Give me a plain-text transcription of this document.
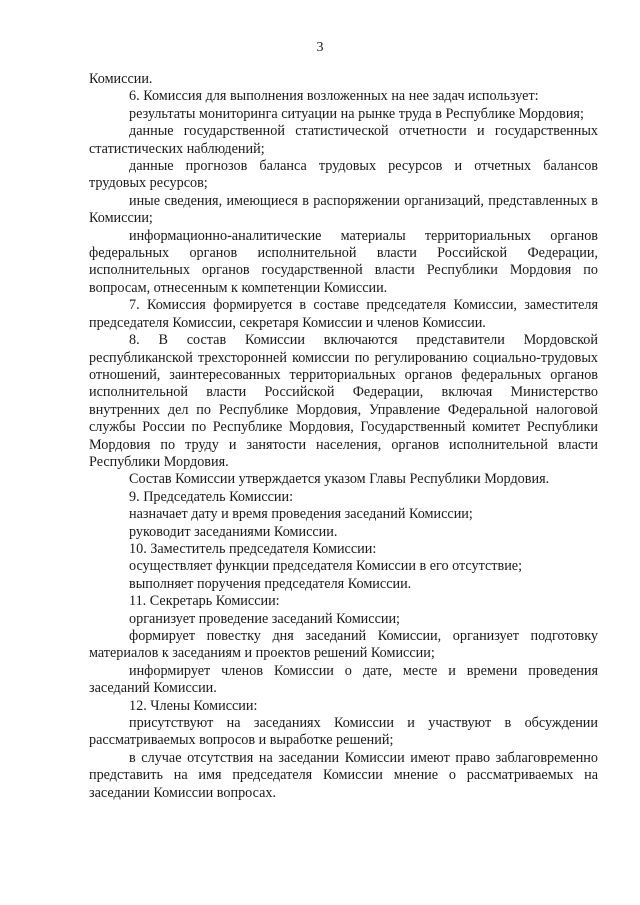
3

Комиссии.

6. Комиссия для выполнения возложенных на нее задач использует:

результаты мониторинга ситуации на рынке труда в Республике Мордовия;

данные государственной статистической отчетности и государственных статистических наблюдений;

данные прогнозов баланса трудовых ресурсов и отчетных балансов трудовых ресурсов;

иные сведения, имеющиеся в распоряжении организаций, представленных в Комиссии;

информационно-аналитические материалы территориальных органов федеральных органов исполнительной власти Российской Федерации, исполнительных органов государственной власти Республики Мордовия по вопросам, отнесенным к компетенции Комиссии.

7. Комиссия формируется в составе председателя Комиссии, заместителя председателя Комиссии, секретаря Комиссии и членов Комиссии.

8. В состав Комиссии включаются представители Мордовской республиканской трехсторонней комиссии по регулированию социально-трудовых отношений, заинтересованных территориальных органов федеральных органов исполнительной власти Российской Федерации, включая Министерство внутренних дел по Республике Мордовия, Управление Федеральной налоговой службы России по Республике Мордовия, Государственный комитет Республики Мордовия по труду и занятости населения, органов исполнительной власти Республики Мордовия.

Состав Комиссии утверждается указом Главы Республики Мордовия.

9. Председатель Комиссии:

назначает дату и время проведения заседаний Комиссии;

руководит заседаниями Комиссии.

10. Заместитель председателя Комиссии:

осуществляет функции председателя Комиссии в его отсутствие;

выполняет поручения председателя Комиссии.

11. Секретарь Комиссии:

организует проведение заседаний Комиссии;

формирует повестку дня заседаний Комиссии, организует подготовку материалов к заседаниям и проектов решений Комиссии;

информирует членов Комиссии о дате, месте и времени проведения заседаний Комиссии.

12. Члены Комиссии:

присутствуют на заседаниях Комиссии и участвуют в обсуждении рассматриваемых вопросов и выработке решений;

в случае отсутствия на заседании Комиссии имеют право заблаговременно представить на имя председателя Комиссии мнение о рассматриваемых на заседании Комиссии вопросах.
